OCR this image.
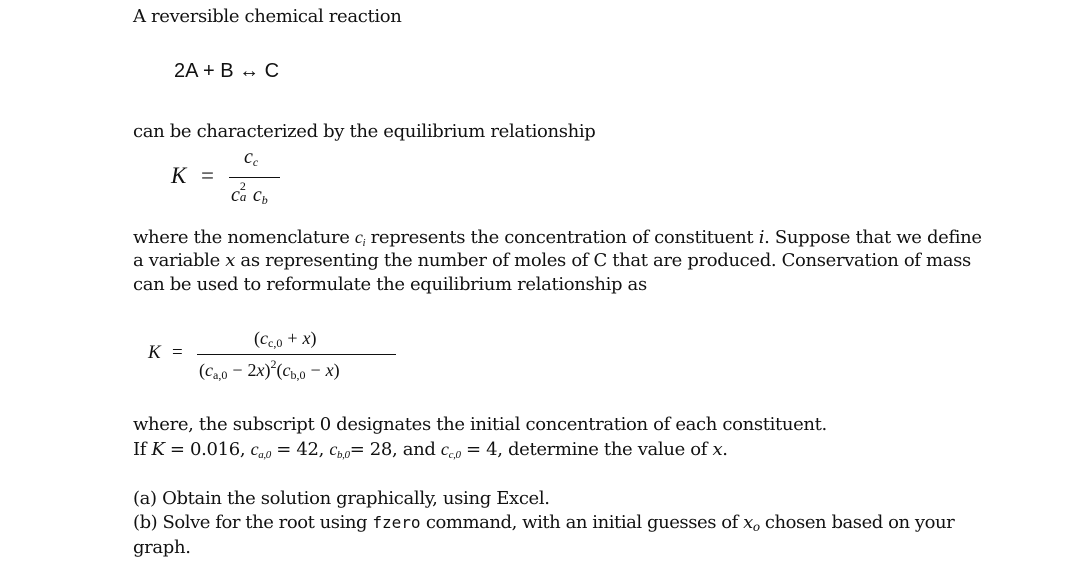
A reversible chemical reaction
2A + B ↔ C
can be characterized by the equilibrium relationship
K =
cc
c 2
a cb
where the nomenclature ci represents the concentration of constituent i. Suppose that we define
a variable x as representing the number of moles of C that are produced. Conservation of mass
can be used to reformulate the equilibrium relationship as
K =
(cc,0 + x)
$(ca,0 - 2x)^2(cb,0 - x)$
where, the subscript 0 designates the initial concentration of each constituent.
If K = 0.016, ca,0 = 42, cb,0= 28, and cc,0 = 4, determine the value of x.
(a) Obtain the solution graphically, using Excel.
(b) Solve for the root using fzero command, with an initial guesses of xo chosen based on your
graph.
